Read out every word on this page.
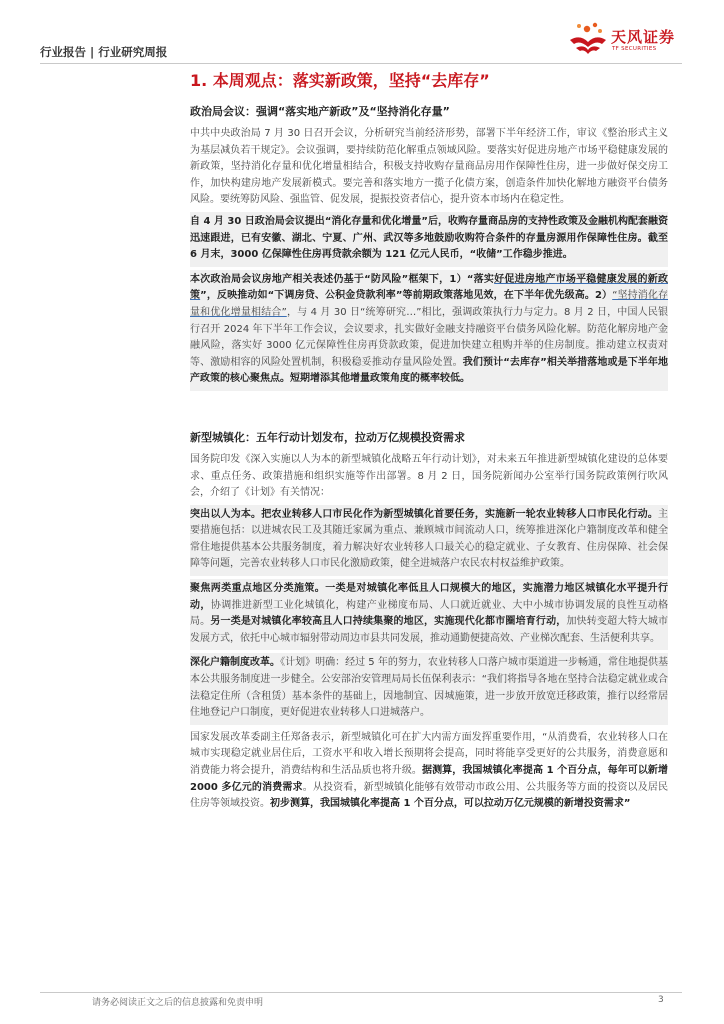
行业报告 | 行业研究周报
天风证券
TF SECURITIES
1. 本周观点：落实新政策，坚持“去库存”
政治局会议：强调“落实地产新政”及“坚持消化存量”

中共中央政治局 7 月 30 日召开会议，分析研究当前经济形势，部署下半年经济工作，审议《整治形式主义为基层减负若干规定》。会议强调，要持续防范化解重点领域风险。要落实好促进房地产市场平稳健康发展的新政策，坚持消化存量和优化增量相结合，积极支持收购存量商品房用作保障性住房，进一步做好保交房工作，加快构建房地产发展新模式。要完善和落实地方一揽子化债方案，创造条件加快化解地方融资平台债务风险。要统筹防风险、强监管、促发展，提振投资者信心，提升资本市场内在稳定性。

自 4 月 30 日政治局会议提出“消化存量和优化增量”后，收购存量商品房的支持性政策及金融机构配套融资迅速跟进，已有安徽、湖北、宁夏、广州、武汉等多地鼓励收购符合条件的存量房源用作保障性住房。截至 6 月末，3000 亿保障性住房再贷款余额为 121 亿元人民币，“收储”工作稳步推进。

本次政治局会议房地产相关表述仍基于“防风险”框架下，1）“落实好促进房地产市场平稳健康发展的新政策”，反映推动如“下调房贷、公积金贷款利率”等前期政策落地见效，在下半年优先级高。2）“坚持消化存量和优化增量相结合”，与 4 月 30 日“统筹研究…”相比，强调政策执行力与定力。8 月 2 日，中国人民银行召开 2024 年下半年工作会议，会议要求，扎实做好金融支持融资平台债务风险化解。防范化解房地产金融风险，落实好 3000 亿元保障性住房再贷款政策，促进加快建立租购并举的住房制度。推动建立权责对等、激励相容的风险处置机制，积极稳妥推动存量风险处置。我们预计“去库存”相关举措落地或是下半年地产政策的核心聚焦点。短期增添其他增量政策角度的概率较低。

新型城镇化：五年行动计划发布，拉动万亿规模投资需求

国务院印发《深入实施以人为本的新型城镇化战略五年行动计划》，对未来五年推进新型城镇化建设的总体要求、重点任务、政策措施和组织实施等作出部署。8 月 2 日，国务院新闻办公室举行国务院政策例行吹风会，介绍了《计划》有关情况：

突出以人为本。把农业转移人口市民化作为新型城镇化首要任务，实施新一轮农业转移人口市民化行动。主要措施包括：以进城农民工及其随迁家属为重点、兼顾城市间流动人口，统筹推进深化户籍制度改革和健全常住地提供基本公共服务制度，着力解决好农业转移人口最关心的稳定就业、子女教育、住房保障、社会保障等问题，完善农业转移人口市民化激励政策，健全进城落户农民农村权益维护政策。

聚焦两类重点地区分类施策。一类是对城镇化率低且人口规模大的地区，实施潜力地区城镇化水平提升行动，协调推进新型工业化城镇化，构建产业梯度布局、人口就近就业、大中小城市协调发展的良性互动格局。另一类是对城镇化率较高且人口持续集聚的地区，实施现代化都市圈培育行动，加快转变超大特大城市发展方式，依托中心城市辐射带动周边市县共同发展，推动通勤便捷高效、产业梯次配套、生活便利共享。

深化户籍制度改革。《计划》明确：经过 5 年的努力，农业转移人口落户城市渠道进一步畅通，常住地提供基本公共服务制度进一步健全。公安部治安管理局局长伍保利表示：“我们将指导各地在坚持合法稳定就业或合法稳定住所（含租赁）基本条件的基础上，因地制宜、因城施策，进一步放开放宽迁移政策，推行以经常居住地登记户口制度，更好促进农业转移人口进城落户。

国家发展改革委副主任郑备表示，新型城镇化可在扩大内需方面发挥重要作用，“从消费看，农业转移人口在城市实现稳定就业居住后，工资水平和收入增长预期将会提高，同时将能享受更好的公共服务，消费意愿和消费能力将会提升，消费结构和生活品质也将升级。据测算，我国城镇化率提高 1 个百分点，每年可以新增 2000 多亿元的消费需求。从投资看，新型城镇化能够有效带动市政公用、公共服务等方面的投资以及居民住房等领域投资。初步测算，我国城镇化率提高 1 个百分点，可以拉动万亿元规模的新增投资需求”

请务必阅读正文之后的信息披露和免责申明	3
